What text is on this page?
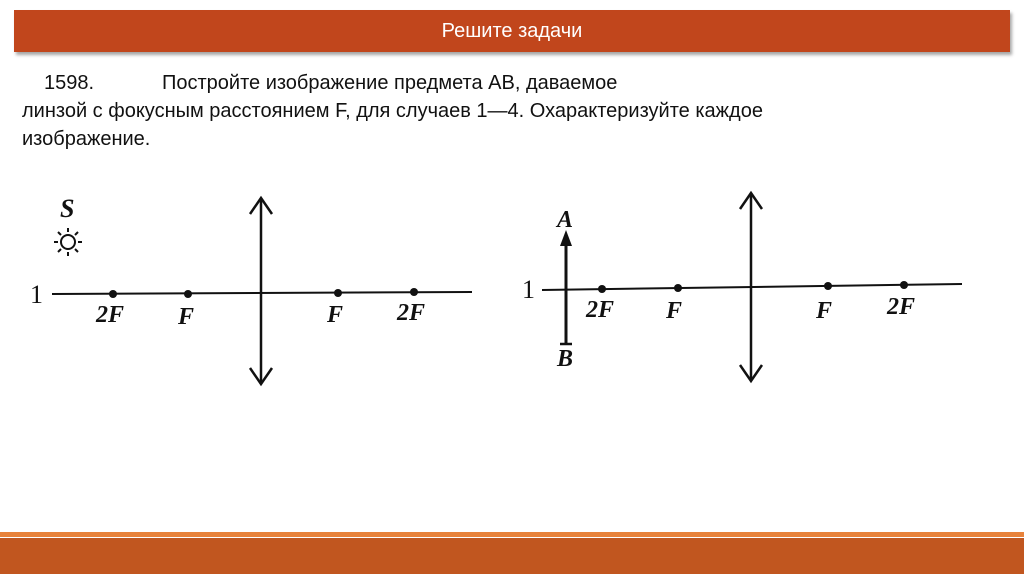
Решите задачи
1598.	Постройте изображение предмета АВ, даваемое
линзой с фокусным расстоянием F, для случаев 1—4. Охарактеризуйте каждое
изображение.
1
S
2F F	F 2F
1
A
B
2F F	F 2F
